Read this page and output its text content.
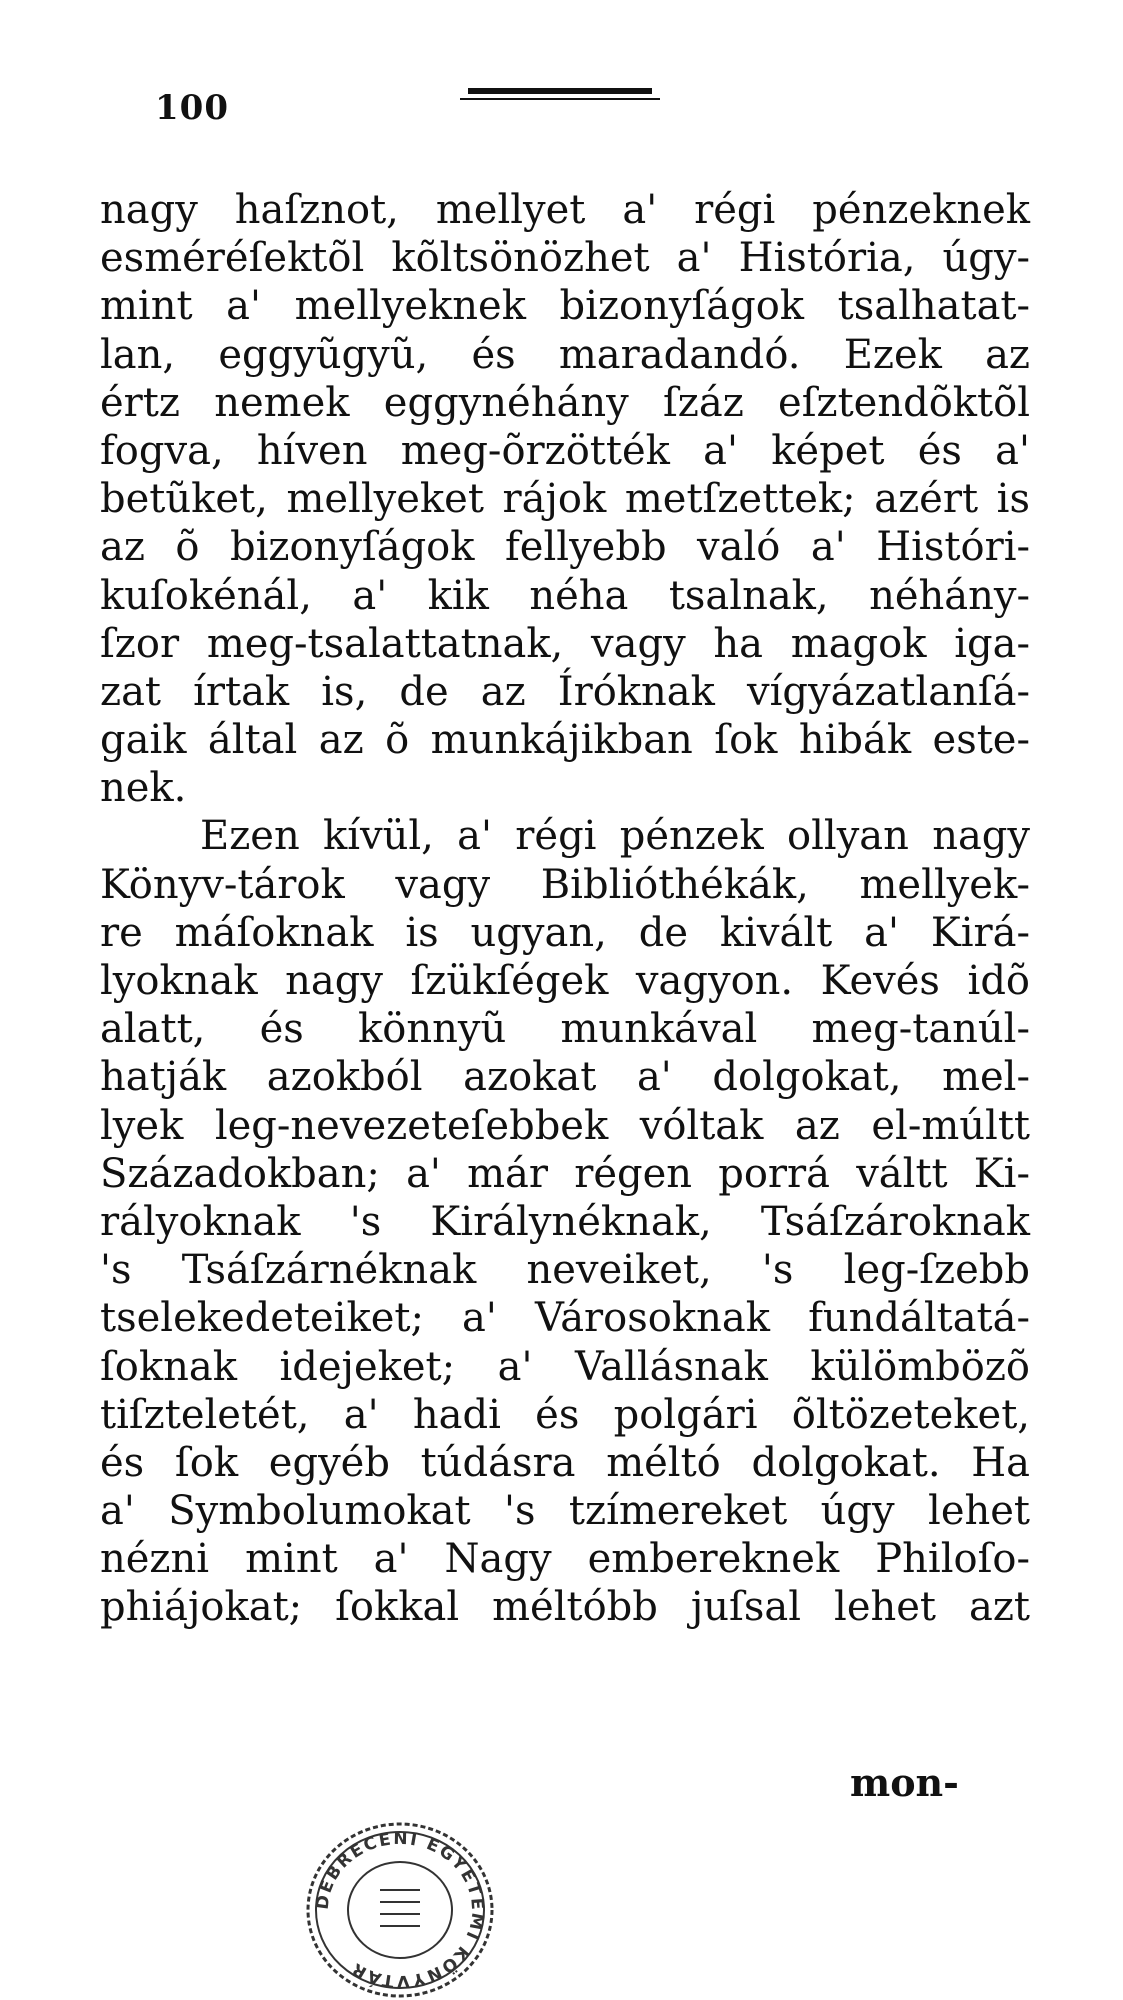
100
nagy haſznot, mellyet a' régi pénzeknek
esméréſektõl kõltsönözhet a' História, úgy-
mint a' mellyeknek bizonyſágok tsalhatat-
lan, eggyũgyũ, és maradandó. Ezek az
értz nemek eggynéhány ſzáz eſztendõktõl
fogva, híven meg-õrzötték a' képet és a'
betũket, mellyeket rájok metſzettek; azért is
az õ bizonyſágok fellyebb való a' Históri-
kuſokénál, a' kik néha tsalnak, néhány-
ſzor meg-tsalattatnak, vagy ha magok iga-
zat írtak is, de az Íróknak vígyázatlanſá-
gaik által az õ munkájikban ſok hibák este-
nek.
Ezen kívül, a' régi pénzek ollyan nagy
Könyv-tárok vagy Biblióthékák, mellyek-
re máſoknak is ugyan, de kivált a' Kirá-
lyoknak nagy ſzükſégek vagyon. Kevés idõ
alatt, és könnyũ munkával meg-tanúl-
hatják azokból azokat a' dolgokat, mel-
lyek leg-nevezeteſebbek vóltak az el-múltt
Századokban; a' már régen porrá váltt Ki-
rályoknak 's Királynéknak, Tsáſzároknak
's Tsáſzárnéknak neveiket, 's leg-ſzebb
tselekedeteiket; a' Városoknak fundáltatá-
ſoknak idejeket; a' Vallásnak külömbözõ
tiſzteletét, a' hadi és polgári õltözeteket,
és ſok egyéb túdásra méltó dolgokat. Ha
a' Symbolumokat 's tzímereket úgy lehet
nézni mint a' Nagy embereknek Philoſo-
phiájokat; ſokkal méltóbb juſsal lehet azt
mon-
DEBRECENI EGYETEMI KÖNYVTÁR
